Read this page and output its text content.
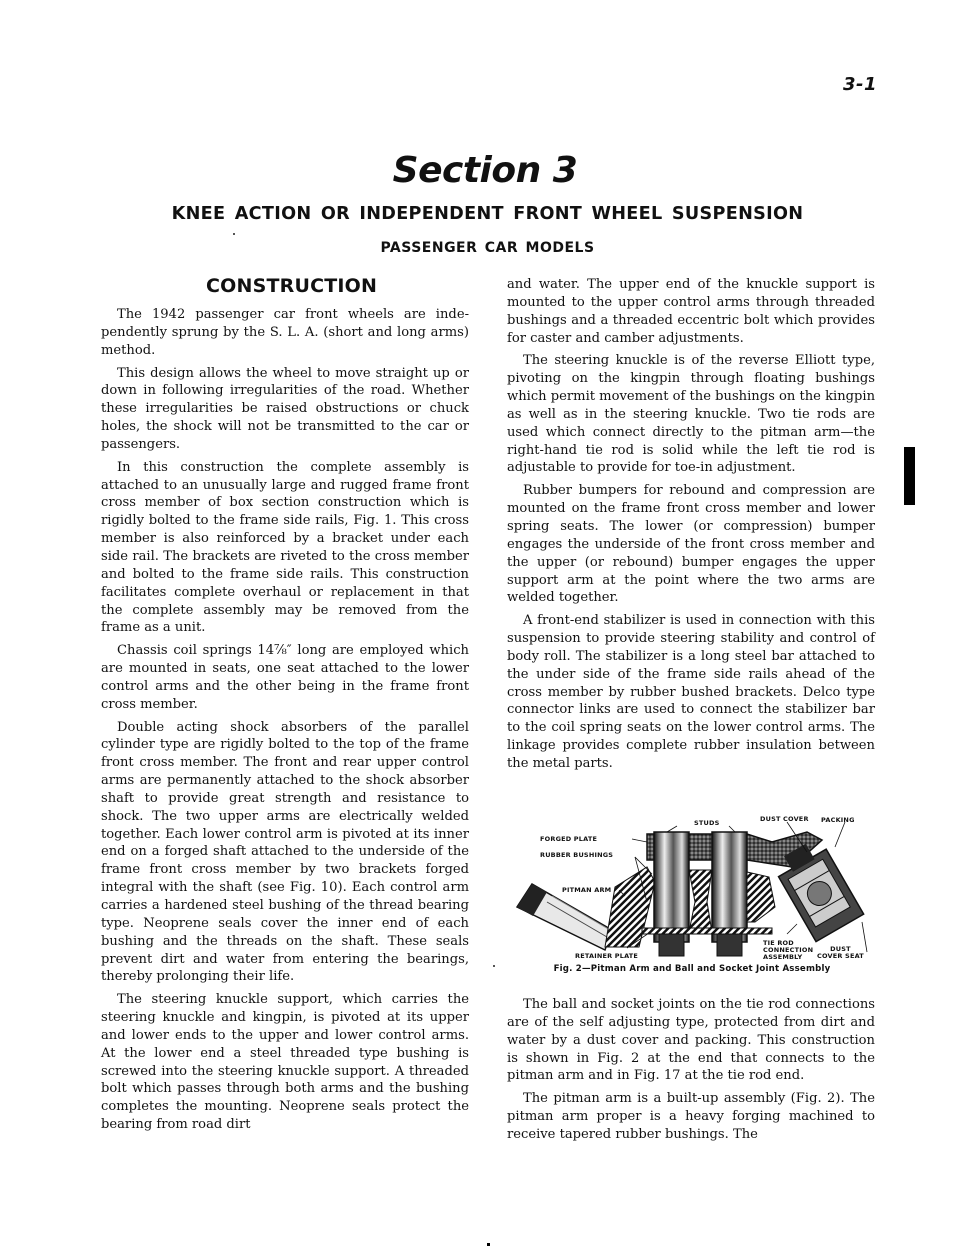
3-1
Section 3
KNEE ACTION OR INDEPENDENT FRONT WHEEL SUSPENSION
PASSENGER CAR MODELS
CONSTRUCTION

The 1942 passenger car front wheels are independently sprung by the S. L. A. (short and long arms) method.

This design allows the wheel to move straight up or down in following irregularities of the road. Whether these irregularities be raised obstructions or chuck holes, the shock will not be transmitted to the car or passengers.

In this construction the complete assembly is attached to an unusually large and rugged frame front cross member of box section construction which is rigidly bolted to the frame side rails, Fig. 1. This cross member is also reinforced by a bracket under each side rail. The brackets are riveted to the cross member and bolted to the frame side rails. This construction facilitates complete overhaul or replacement in that the complete assembly may be removed from the frame as a unit.

Chassis coil springs 14⅞″ long are employed which are mounted in seats, one seat attached to the lower control arms and the other being in the frame front cross member.

Double acting shock absorbers of the parallel cylinder type are rigidly bolted to the top of the frame front cross member. The front and rear upper control arms are permanently attached to the shock absorber shaft to provide great strength and resistance to shock. The two upper arms are electrically welded together. Each lower control arm is pivoted at its inner end on a forged shaft attached to the underside of the frame front cross member by two brackets forged integral with the shaft (see Fig. 10). Each control arm carries a hardened steel bushing of the thread bearing type. Neoprene seals cover the inner end of each bushing and the threads on the shaft. These seals prevent dirt and water from entering the bearings, thereby prolonging their life.

The steering knuckle support, which carries the steering knuckle and kingpin, is pivoted at its upper and lower ends to the upper and lower control arms. At the lower end a steel threaded type bushing is screwed into the steering knuckle support. A threaded bolt which passes through both arms and the bushing completes the mounting. Neoprene seals protect the bearing from road dirt

and water. The upper end of the knuckle support is mounted to the upper control arms through threaded bushings and a threaded eccentric bolt which provides for caster and camber adjustments.

The steering knuckle is of the reverse Elliott type, pivoting on the kingpin through floating bushings which permit movement of the bushings on the kingpin as well as in the steering knuckle. Two tie rods are used which connect directly to the pitman arm—the right-hand tie rod is solid while the left tie rod is adjustable to provide for toe-in adjustment.

Rubber bumpers for rebound and compression are mounted on the frame front cross member and lower spring seats. The lower (or compression) bumper engages the underside of the front cross member and the upper (or rebound) bumper engages the upper support arm at the point where the two arms are welded together.

A front-end stabilizer is used in connection with this suspension to provide steering stability and control of body roll. The stabilizer is a long steel bar attached to the under side of the frame side rails ahead of the cross member by rubber bushed brackets. Delco type connector links are used to connect the stabilizer bar to the coil spring seats on the lower control arms. The linkage provides complete rubber insulation between the metal parts.

STUDS	DUST COVER PACKING
FORGED PLATE
RUBBER BUSHINGS
PITMAN ARM
RETAINER PLATE
TIE ROD
CONNECTION
ASSEMBLY
DUST
COVER SEAT
Fig. 2—Pitman Arm and Ball and Socket Joint Assembly

The ball and socket joints on the tie rod connections are of the self adjusting type, protected from dirt and water by a dust cover and packing. This construction is shown in Fig. 2 at the end that connects to the pitman arm and in Fig. 17 at the tie rod end.

The pitman arm is a built-up assembly (Fig. 2). The pitman arm proper is a heavy forging machined to receive tapered rubber bushings. The
